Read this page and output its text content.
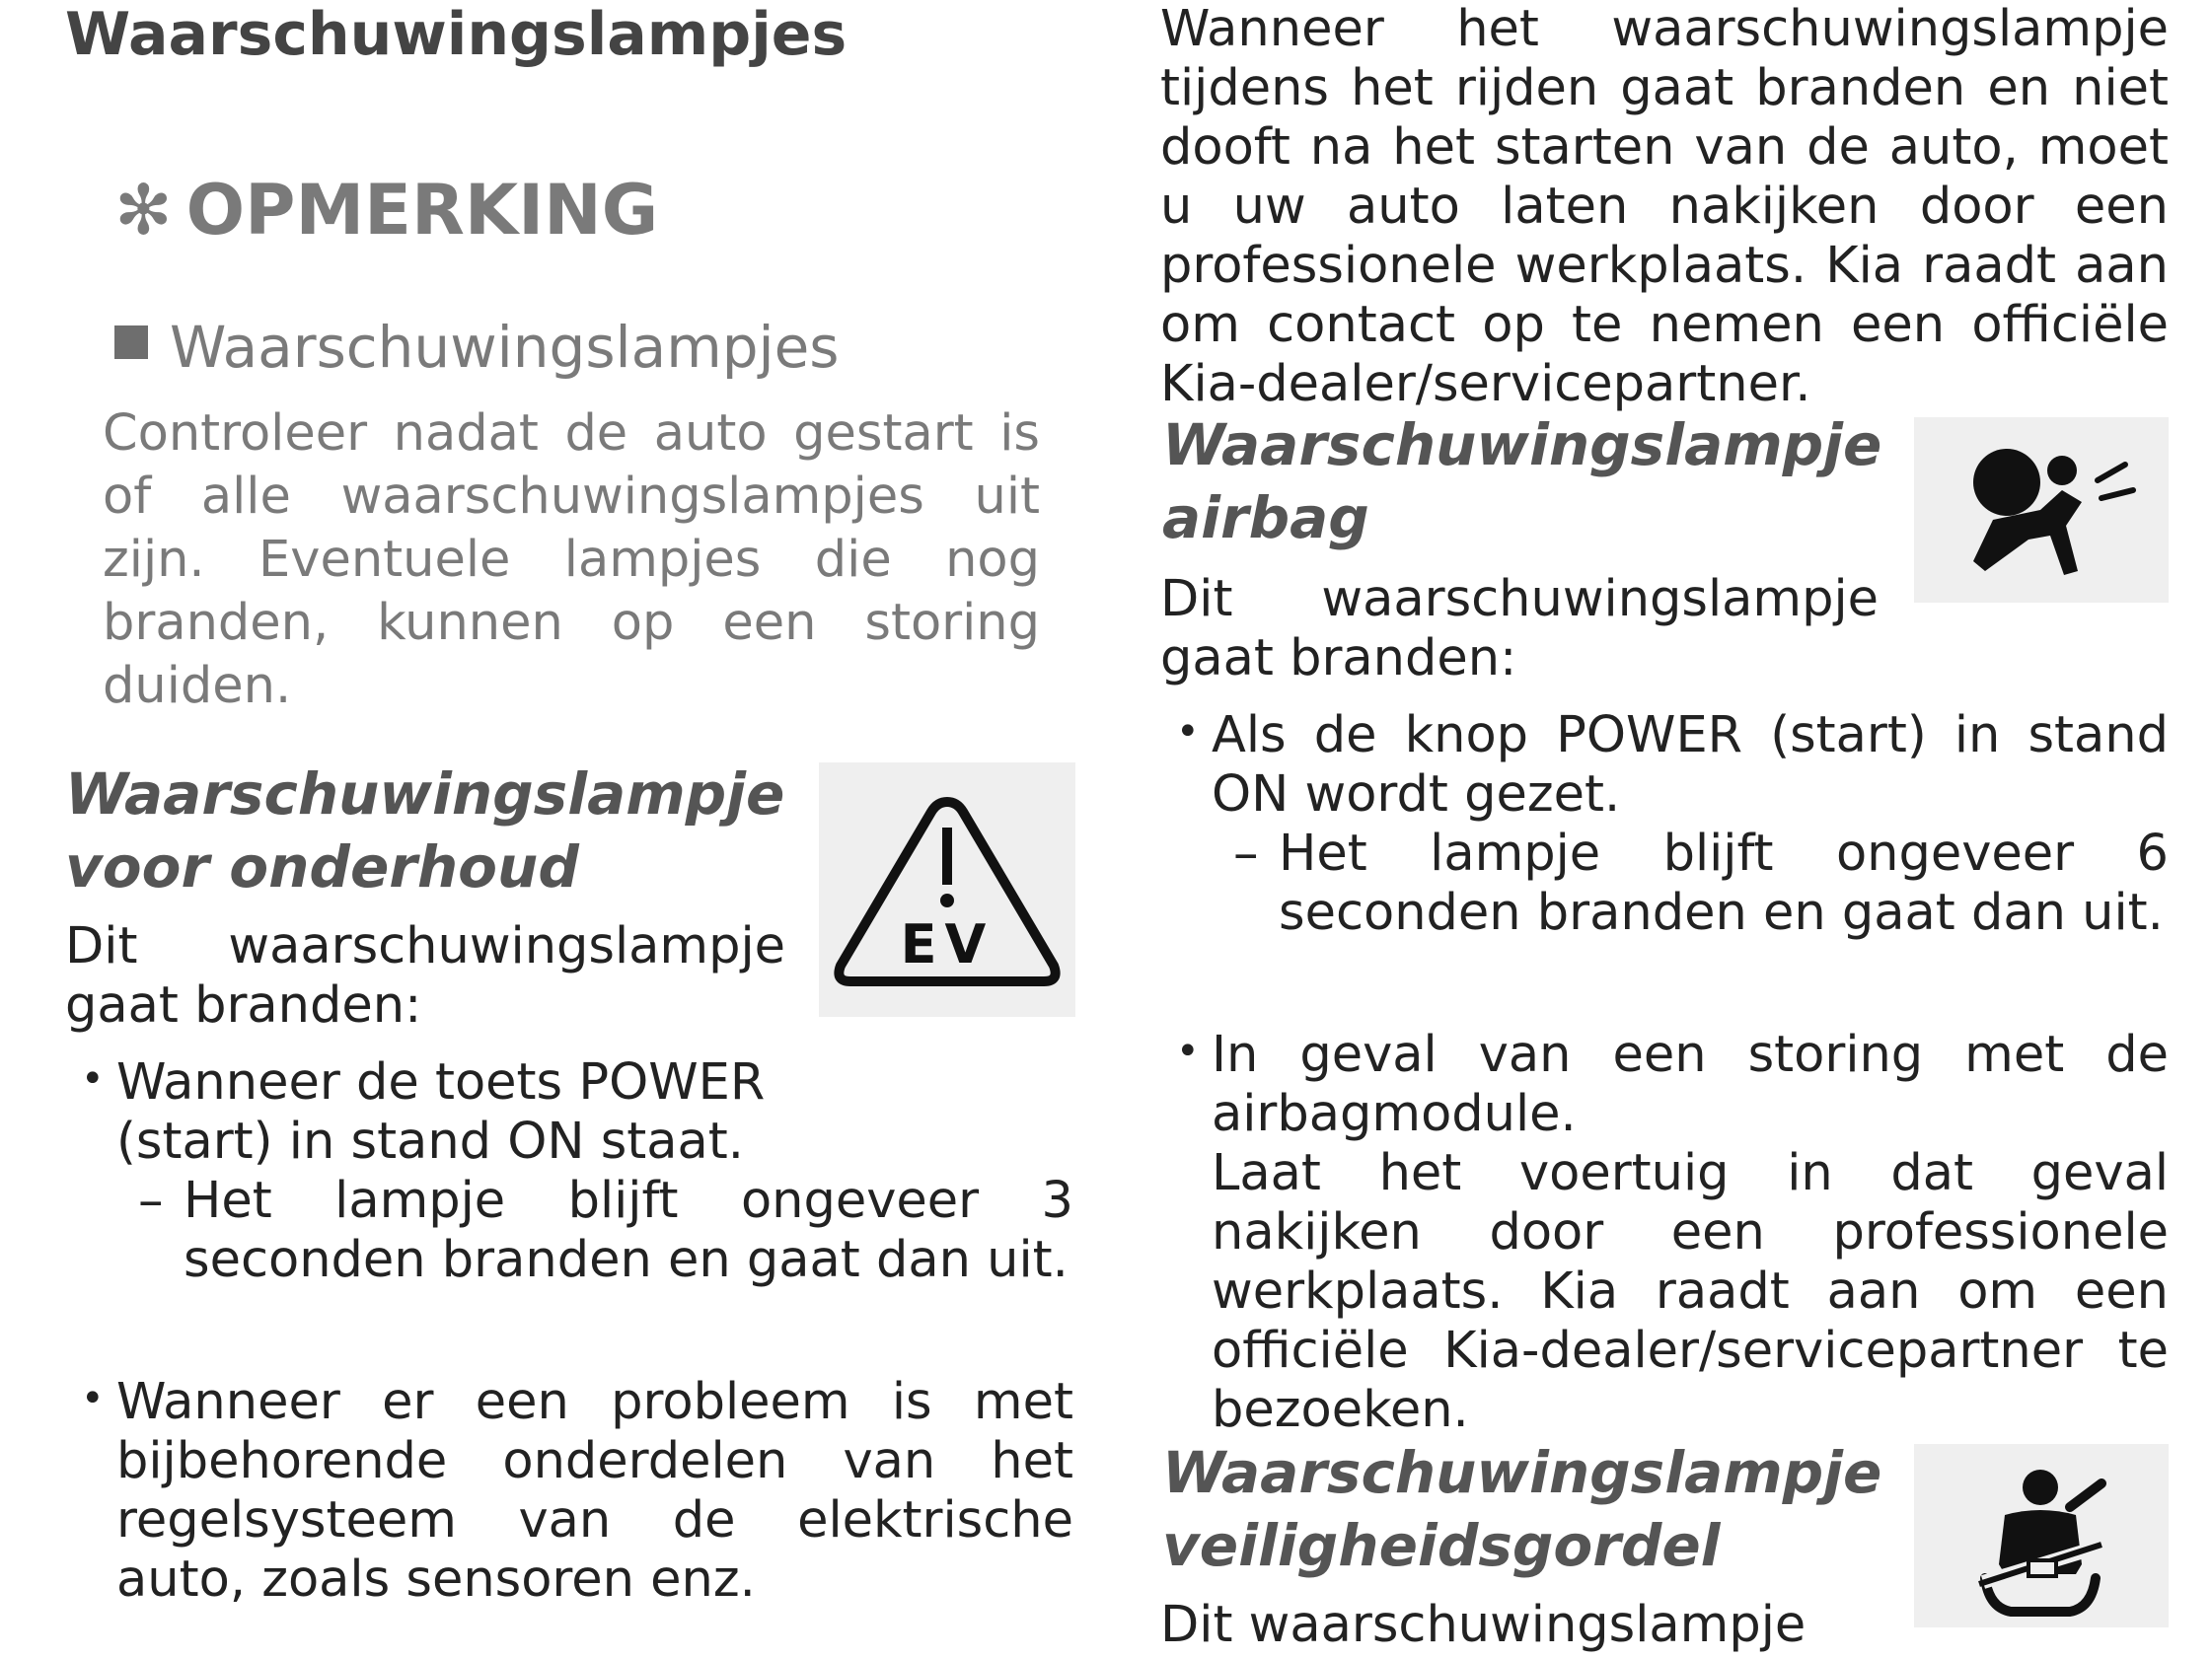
Waarschuwingslampjes
✻ OPMERKING
Waarschuwingslampjes
Controleer nadat de auto gestart is of alle waarschuwingslampjes uit zijn. Eventuele lampjes die nog branden, kunnen op een storing duiden.
Waarschuwingslampje
voor onderhoud
EV
Dit waarschuwingslampje gaat branden:
• Wanneer de toets POWER
(start) in stand ON staat.
– Het lampje blijft ongeveer 3 seconden branden en gaat dan uit.
• Wanneer er een probleem is met bijbehorende onderdelen van het regelsysteem van de elektrische auto, zoals sensoren enz.
Wanneer het waarschuwingslampje tijdens het rijden gaat branden en niet dooft na het starten van de auto, moet u uw auto laten nakijken door een professionele werkplaats. Kia raadt aan om contact op te nemen een officiële Kia-dealer/servicepartner.
Waarschuwingslampje
airbag
Dit waarschuwingslampje gaat branden:
• Als de knop POWER (start) in stand ON wordt gezet.
– Het lampje blijft ongeveer 6 seconden branden en gaat dan uit.
• In geval van een storing met de airbagmodule.
Laat het voertuig in dat geval nakijken door een professionele werkplaats. Kia raadt aan om een officiële Kia-dealer/servicepartner te bezoeken.
Waarschuwingslampje
veiligheidsgordel
Dit waarschuwingslampje
